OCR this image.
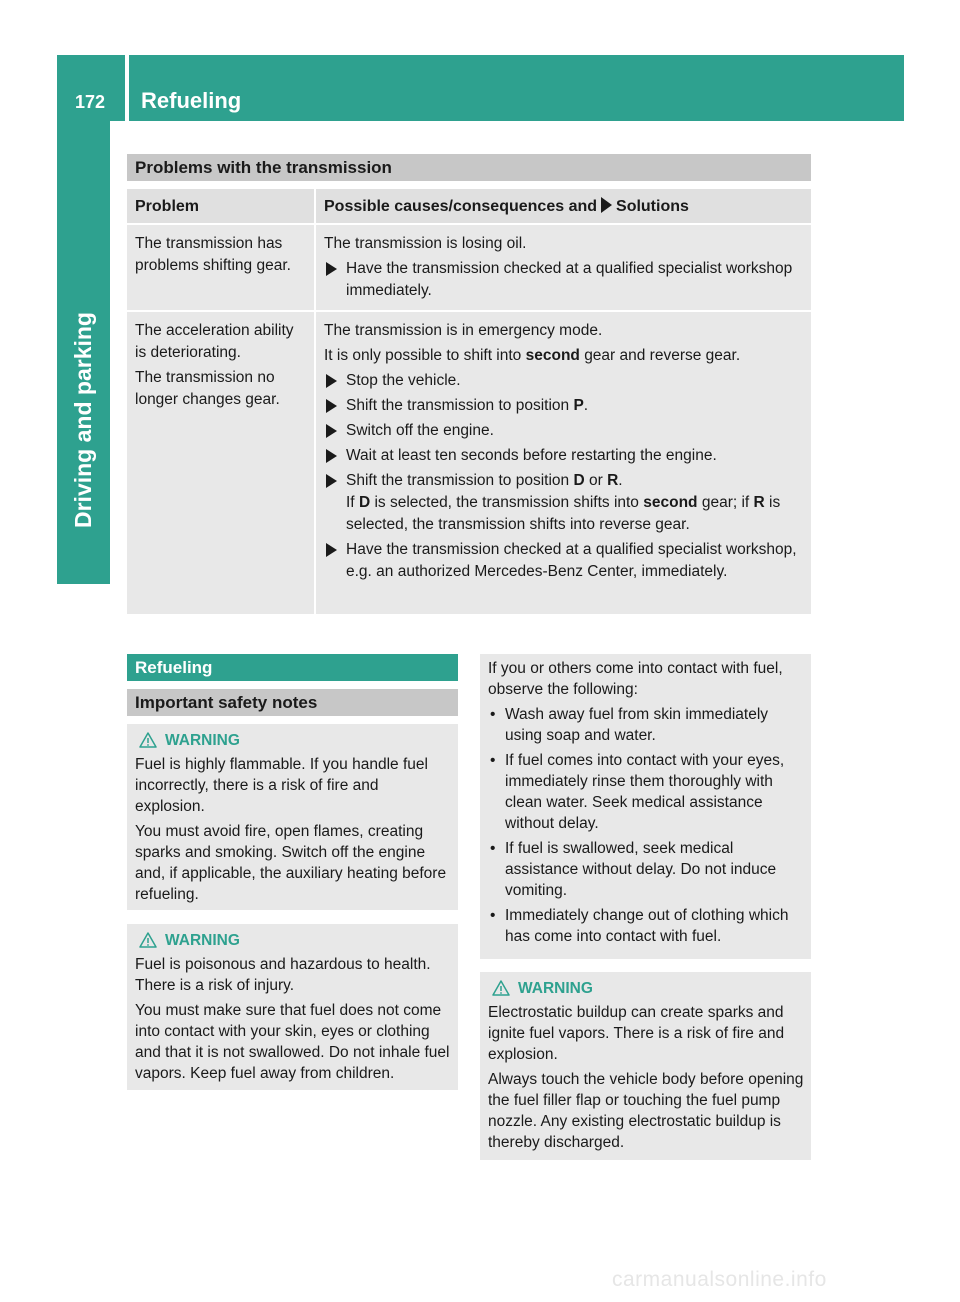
172	Refueling
Driving and parking
Problems with the transmission
Problem	Possible causes/consequences and Solutions

The transmission has problems shifting gear.

The transmission is losing oil.

Have the transmission checked at a qualified specialist workshop immediately.

The acceleration ability is deteriorating.

The transmission no longer changes gear.

The transmission is in emergency mode.

It is only possible to shift into second gear and reverse gear.

Stop the vehicle.
Shift the transmission to position P.
Switch off the engine.
Wait at least ten seconds before restarting the engine.
Shift the transmission to position D or R.
If D is selected, the transmission shifts into second gear; if R is selected, the transmission shifts into reverse gear.
Have the transmission checked at a qualified specialist workshop, e.g. an authorized Mercedes-Benz Center, immediately.
Refueling
Important safety notes
WARNING

Fuel is highly flammable. If you handle fuel incorrectly, there is a risk of fire and explosion.

You must avoid fire, open flames, creating sparks and smoking. Switch off the engine and, if applicable, the auxiliary heating before refueling.

WARNING

Fuel is poisonous and hazardous to health. There is a risk of injury.

You must make sure that fuel does not come into contact with your skin, eyes or clothing and that it is not swallowed. Do not inhale fuel vapors. Keep fuel away from children.

If you or others come into contact with fuel, observe the following:

• Wash away fuel from skin immediately using soap and water.
• If fuel comes into contact with your eyes, immediately rinse them thoroughly with clean water. Seek medical assistance without delay.
• If fuel is swallowed, seek medical assistance without delay. Do not induce vomiting.
• Immediately change out of clothing which has come into contact with fuel.
WARNING

Electrostatic buildup can create sparks and ignite fuel vapors. There is a risk of fire and explosion.

Always touch the vehicle body before opening the fuel filler flap or touching the fuel pump nozzle. Any existing electrostatic buildup is thereby discharged.

carmanualsonline.info
